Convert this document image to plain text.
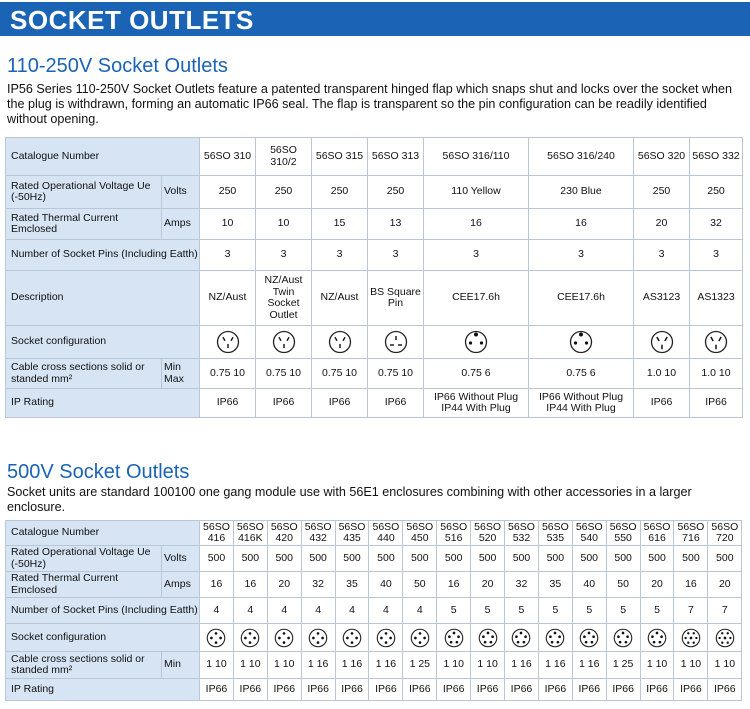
SOCKET OUTLETS
110-250V Socket Outlets
IP56 Series 110-250V Socket Outlets feature a patented transparent hinged flap which snaps shut and locks over the socket when the plug is withdrawn, forming an automatic IP66 seal. The flap is transparent so the pin configuration can be readily identified without opening.
Catalogue Number		56SO 310	56SO 310/2	56SO 315	56SO 313	56SO 316/110	56SO 316/240	56SO 320	56SO 332
Rated Operational Voltage Ue (-50Hz)	Volts	250	250	250	250	110 Yellow	230 Blue	250	250
Rated Thermal Current Emclosed	Amps	10	10	15	13	16	16	20	32
Number of Socket Pins (Including Eatth)		3	3	3	3	3	3	3	3
Description		NZ/Aust	NZ/Aust Twin Socket Outlet	NZ/Aust	BS Square Pin	CEE17.6h	CEE17.6h	AS3123	AS1323
Socket configuration								
Cable cross sections solid or standed mm²	Min Max	0.75 10	0.75 10	0.75 10	0.75 10	0.75 6	0.75 6	1.0 10	1.0 10
IP Rating		IP66	IP66	IP66	IP66	IP66 Without Plug IP44 With Plug	IP66 Without Plug IP44 With Plug	IP66	IP66
500V Socket Outlets
Socket units are standard 100100 one gang module use with 56E1 enclosures combining with other accessories in a larger enclosure.
Catalogue Number		56SO 416	56SO 416K	56SO 420	56SO 432	56SO 435	56SO 440	56SO 450	56SO 516	56SO 520	56SO 532	56SO 535	56SO 540	56SO 550	56SO 616	56SO 716	56SO 720
Rated Operational Voltage Ue (-50Hz)	Volts	500	500	500	500	500	500	500	500	500	500	500	500	500	500	500	500
Rated Thermal Current Emclosed	Amps	16	16	20	32	35	40	50	16	20	32	35	40	50	20	16	20
Number of Socket Pins (Including Eatth)		4	4	4	4	4	4	4	5	5	5	5	5	5	5	7	7
Socket configuration																
Cable cross sections solid or standed mm²	Min	1 10	1 10	1 10	1 16	1 16	1 16	1 25	1 10	1 10	1 16	1 16	1 16	1 25	1 10	1 10	1 10
IP Rating		IP66	IP66	IP66	IP66	IP66	IP66	IP66	IP66	IP66	IP66	IP66	IP66	IP66	IP66	IP66	IP66
